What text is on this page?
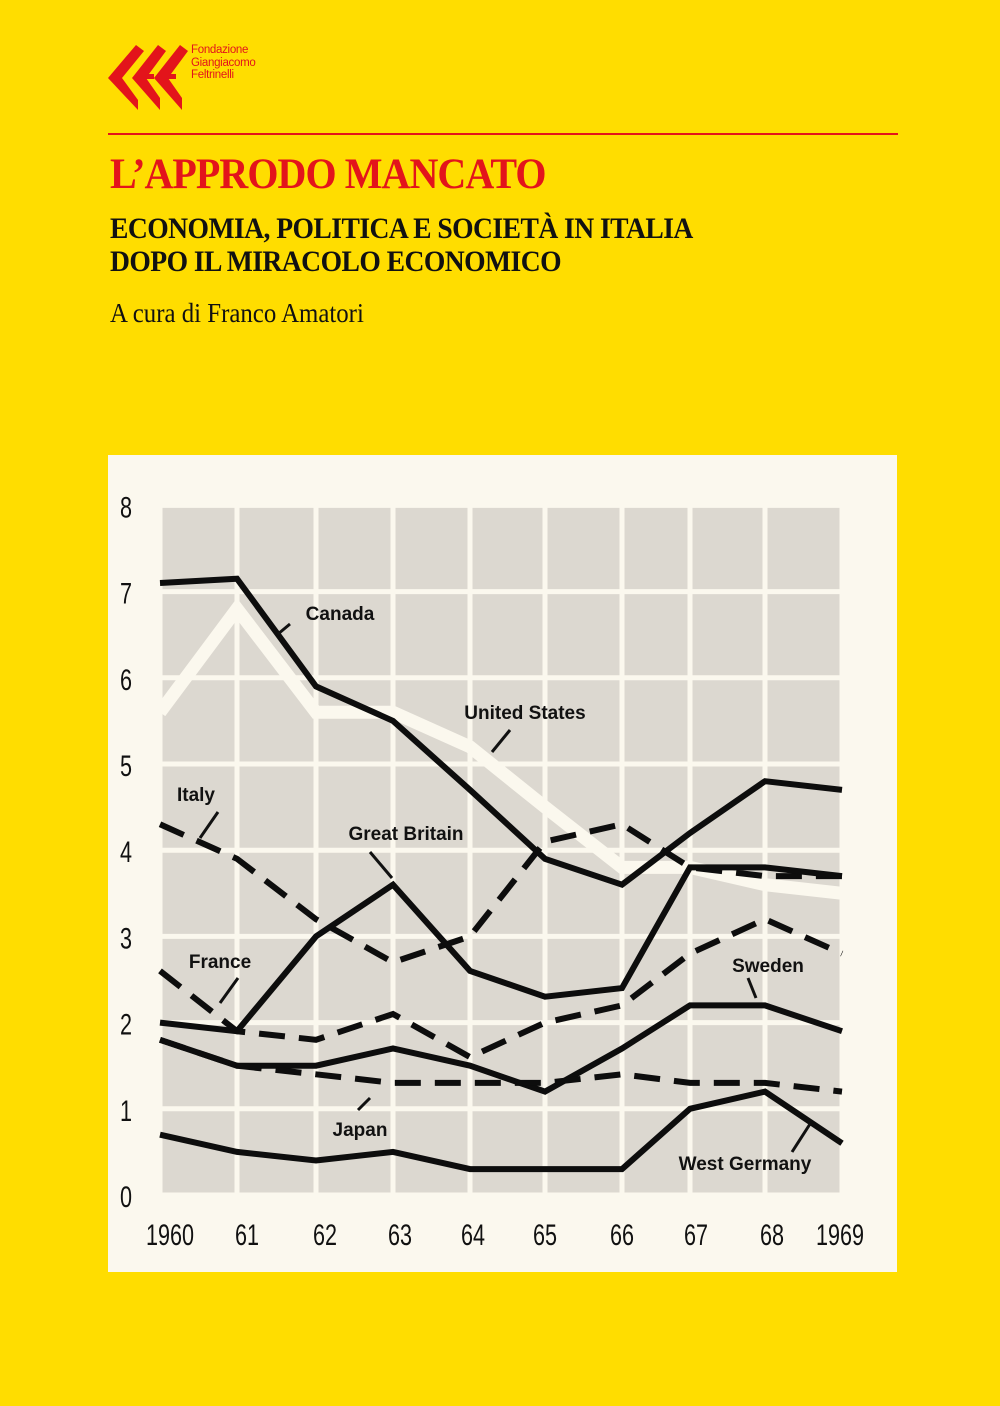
Fondazione
Giangiacomo
Feltrinelli
L’APPRODO MANCATO
ECONOMIA, POLITICA E SOCIETÀ IN ITALIA
DOPO IL MIRACOLO ECONOMICO
A cura di Franco Amatori
0
1
2
3
4
5
6
7
8
1960 61 62 63 64 65 66 67 68 1969
Canada
United States
Italy
Great Britain
France	Sweden
Japan
West Germany
